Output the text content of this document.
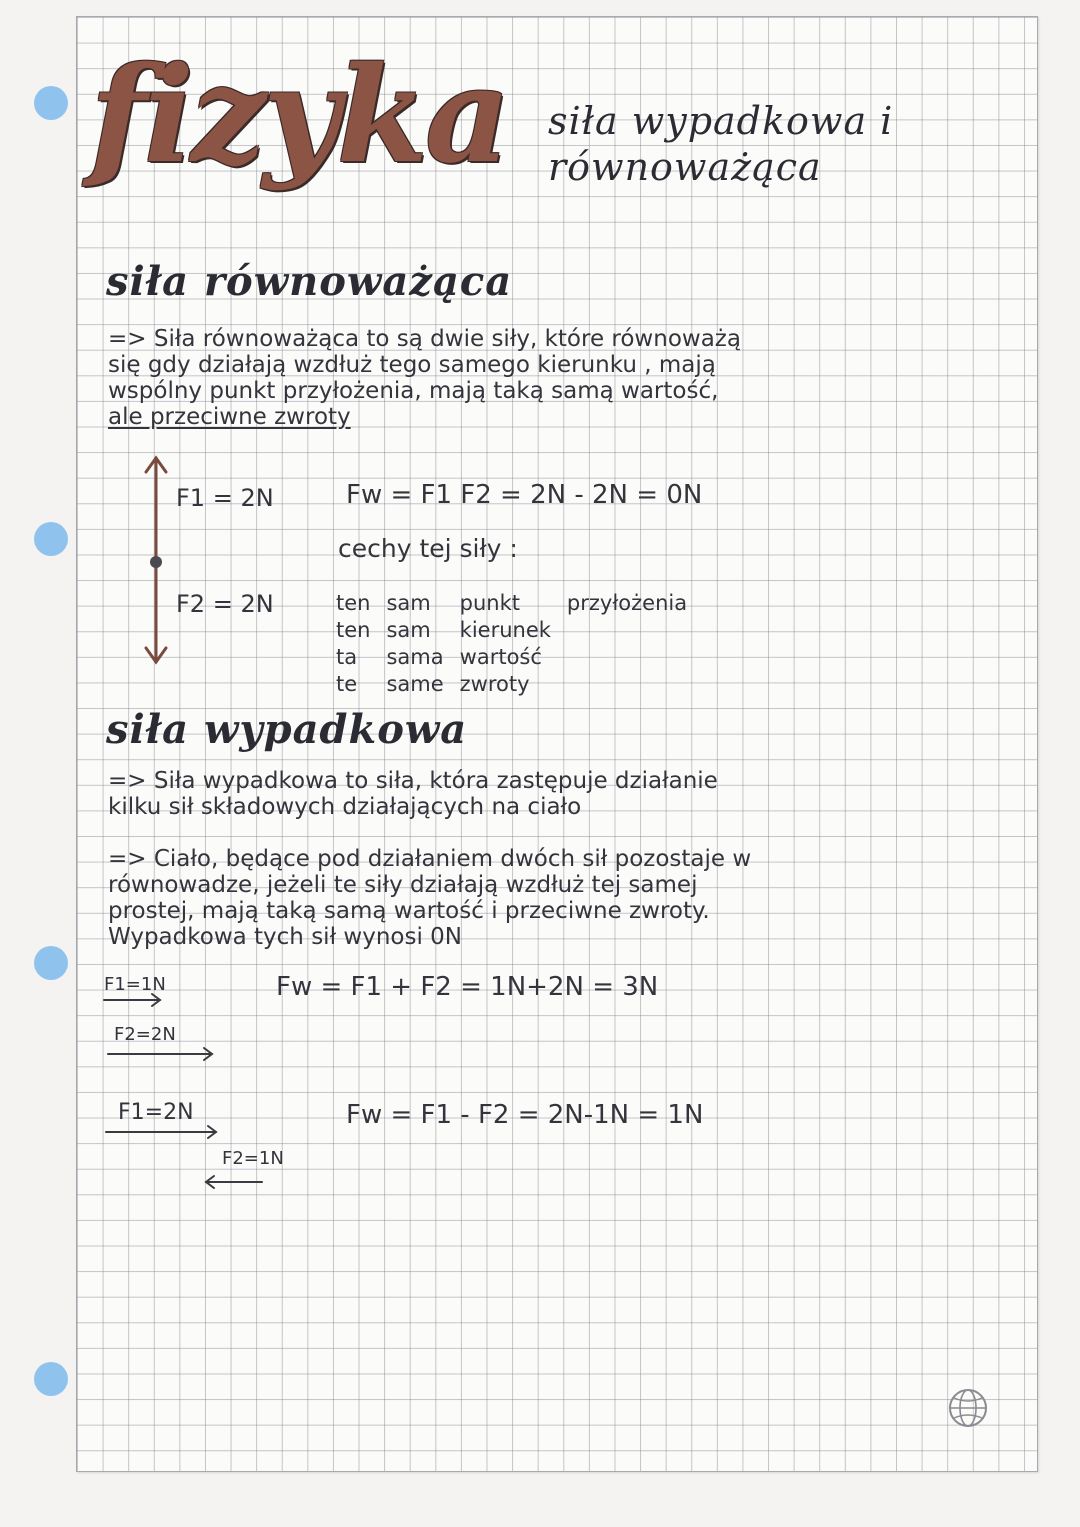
fizyka siła wypadkowa i
równoważąca
siła równoważąca

=> Siła równoważąca to są dwie siły, które równoważą

się gdy działają wzdłuż tego samego kierunku , mają

wspólny punkt przyłożenia, mają taką samą wartość,

ale przeciwne zwroty

F1 = 2N
F2 = 2N
Fw = F1 F2 = 2N - 2N = 0N
cechy tej siły :
ten	sam	punkt	przyłożenia
ten	sam	kierunek	
ta	sama	wartość	
te	same	zwroty	
siła wypadkowa

=> Siła wypadkowa to siła, która zastępuje działanie

kilku sił składowych działających na ciało

=> Ciało, będące pod działaniem dwóch sił pozostaje w

równowadze, jeżeli te siły działają wzdłuż tej samej

prostej, mają taką samą wartość i przeciwne zwroty.

Wypadkowa tych sił wynosi 0N

F1=1N
F2=2N
Fw = F1 + F2 = 1N+2N = 3N
F1=2N
F2=1N
Fw = F1 - F2 = 2N-1N = 1N
